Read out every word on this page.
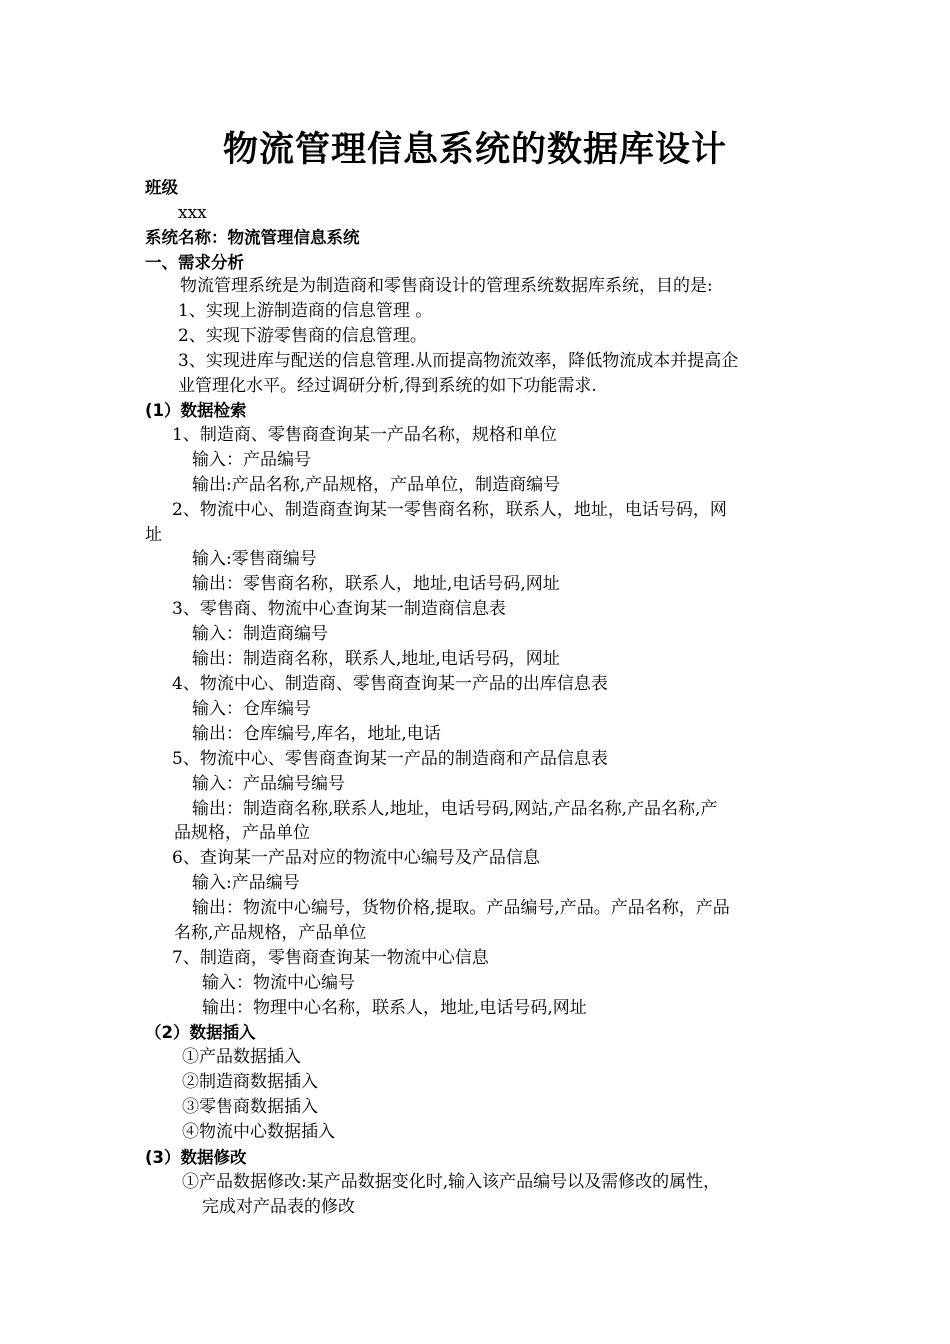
物流管理信息系统的数据库设计
班级
xxx
系统名称：物流管理信息系统
一、需求分析
物流管理系统是为制造商和零售商设计的管理系统数据库系统，目的是:
1、实现上游制造商的信息管理 。
2、实现下游零售商的信息管理。
3、实现进库与配送的信息管理.从而提高物流效率，降低物流成本并提高企
业管理化水平。经过调研分析,得到系统的如下功能需求.
(1）数据检索
1、制造商、零售商查询某一产品名称，规格和单位
输入：产品编号
输出:产品名称,产品规格，产品单位，制造商编号
2、物流中心、制造商查询某一零售商名称，联系人，地址，电话号码，网
址
输入:零售商编号
输出：零售商名称，联系人，地址,电话号码,网址
3、零售商、物流中心查询某一制造商信息表
输入：制造商编号
输出：制造商名称，联系人,地址,电话号码，网址
4、物流中心、制造商、零售商查询某一产品的出库信息表
输入：仓库编号
输出：仓库编号,库名，地址,电话
5、物流中心、零售商查询某一产品的制造商和产品信息表
输入：产品编号编号
输出：制造商名称,联系人,地址，电话号码,网站,产品名称,产品名称,产
品规格，产品单位
6、查询某一产品对应的物流中心编号及产品信息
输入:产品编号
输出：物流中心编号，货物价格,提取。产品编号,产品。产品名称，产品
名称,产品规格，产品单位
7、制造商，零售商查询某一物流中心信息
输入：物流中心编号
输出：物理中心名称，联系人，地址,电话号码,网址
（2）数据插入
①产品数据插入
②制造商数据插入
③零售商数据插入
④物流中心数据插入
(3）数据修改
①产品数据修改:某产品数据变化时,输入该产品编号以及需修改的属性，
完成对产品表的修改
